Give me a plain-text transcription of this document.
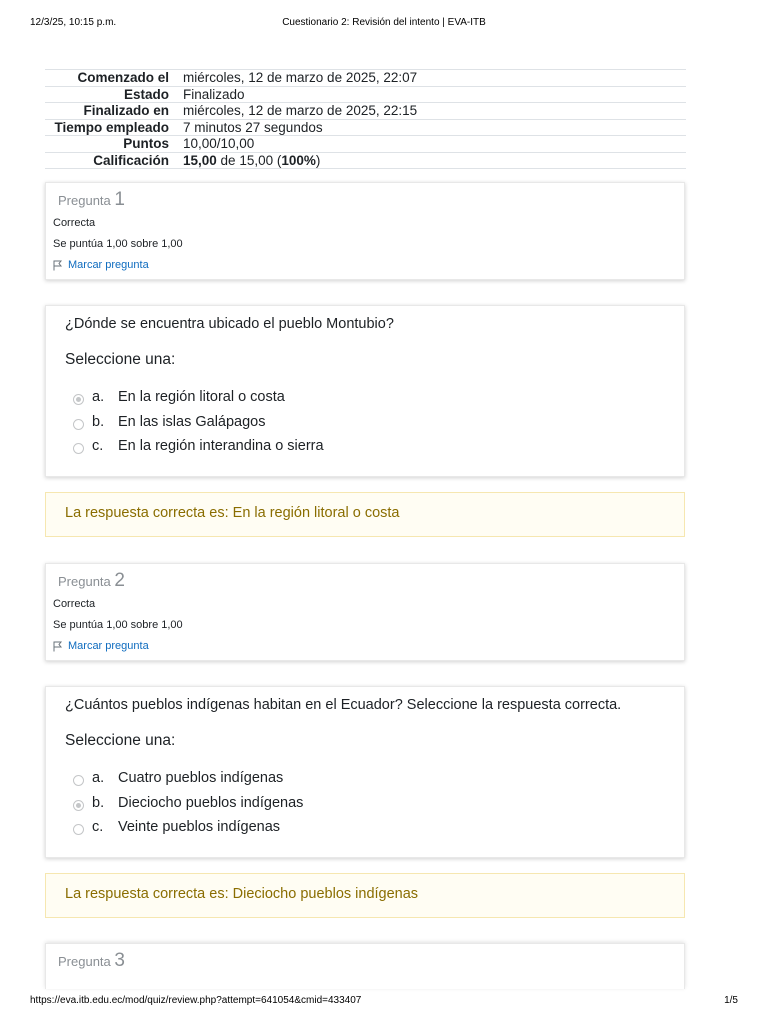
12/3/25, 10:15 p.m.	Cuestionario 2: Revisión del intento | EVA-ITB
Comenzado el	miércoles, 12 de marzo de 2025, 22:07
Estado	Finalizado
Finalizado en	miércoles, 12 de marzo de 2025, 22:15
Tiempo empleado	7 minutos 27 segundos
Puntos	10,00/10,00
Calificación	15,00 de 15,00 (100%)
Pregunta 1
Correcta
Se puntúa 1,00 sobre 1,00
Marcar pregunta
¿Dónde se encuentra ubicado el pueblo Montubio?
Seleccione una:
a. En la región litoral o costa
b. En las islas Galápagos
c.	En la región interandina o sierra
La respuesta correcta es: En la región litoral o costa
Pregunta 2
Correcta
Se puntúa 1,00 sobre 1,00
Marcar pregunta
¿Cuántos pueblos indígenas habitan en el Ecuador? Seleccione la respuesta correcta.
Seleccione una:
a. Cuatro pueblos indígenas
b. Dieciocho pueblos indígenas
c.	Veinte pueblos indígenas
La respuesta correcta es: Dieciocho pueblos indígenas
Pregunta 3
https://eva.itb.edu.ec/mod/quiz/review.php?attempt=641054&cmid=433407	1/5
